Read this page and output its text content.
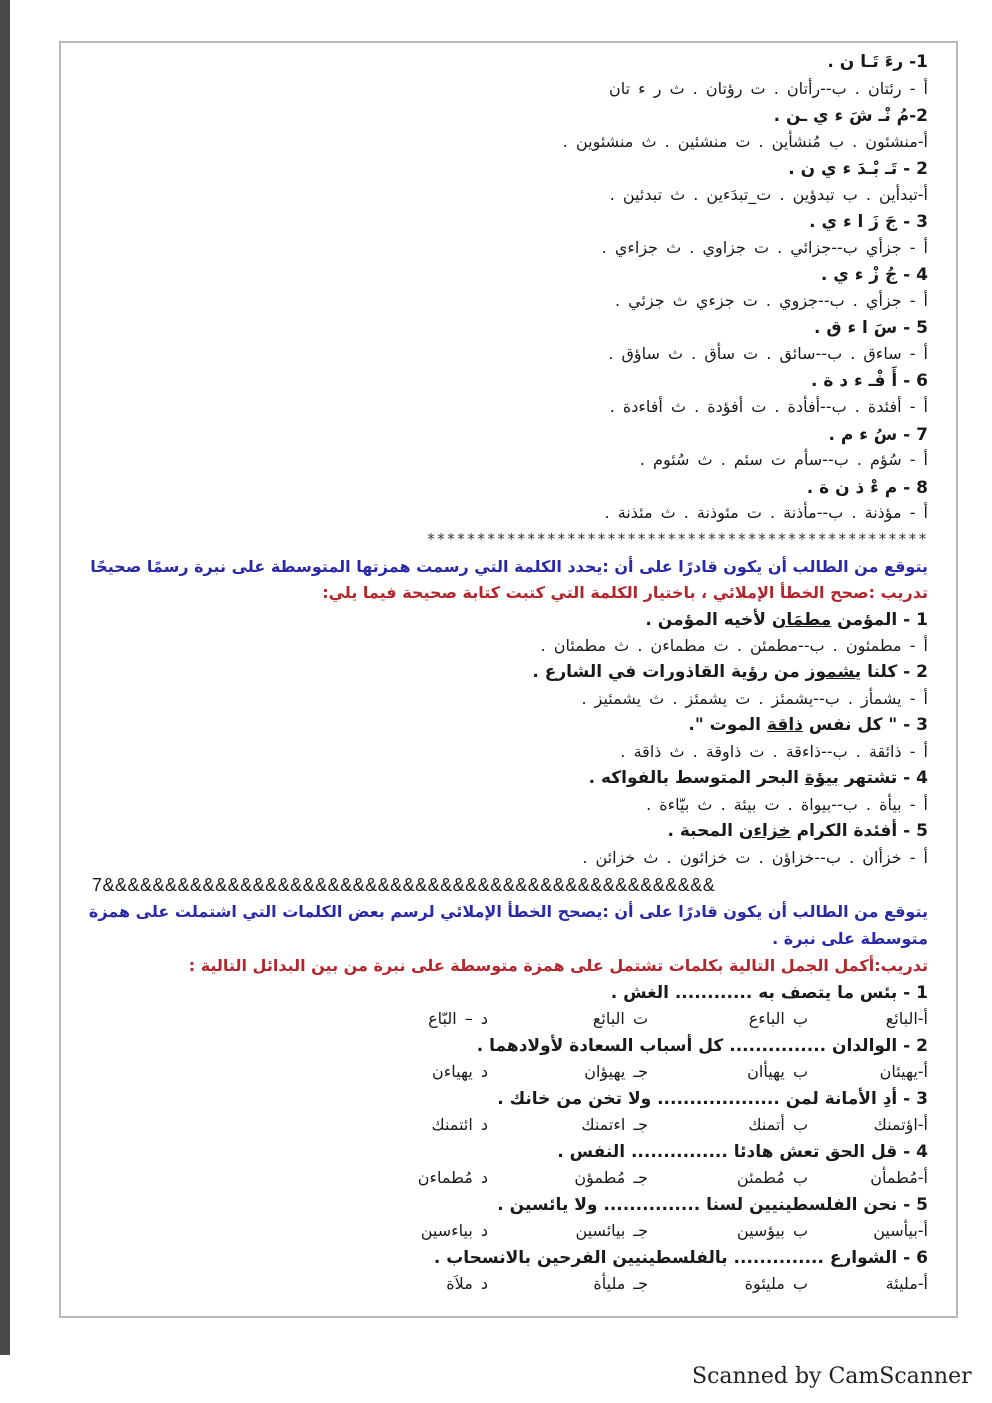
1- رءَ تَـا ن .
أ - رئتان . ب--رأتان . ت رؤتان . ث ر ء تان
2-مُ نْـ شَ ء ي ـن .
أ-منشئون . ب مُنشأين . ت منشئين . ث منشئوين .
2 - تَـ بْـدَ ء ي ن .
أ-تبدأين . ب تبدؤين . ت_تبدَءين . ث تبدئين .
3 - جَ زَ ا ء ي .
أ - جزأي ب--جزائي . ت جزاوي . ث جزاءي .
4 - جُ زْ ء ي .
أ - جزأي . ب--جزوي . ت جزءي ث جزئي .
5 - سَ ا ء ق .
أ - ساءق . ب--سائق . ت سأق . ث ساؤق .
6 - أَ فْـ ء د ة .
أ - أفئدة . ب--أفأدة . ت أفؤدة . ث أفاءدة .
7 - سُ ء م .
أ - سُؤم . ب--سأم ت سئم . ث سُئوم .
8 - م ءْ ذ ن ة .
أ - مؤذنة . ب--مأذنة . ت مئوذنة . ث مئذنة .
**************************************************
يتوقع من الطالب أن يكون قادرًا على أن :يحدد الكلمة التي رسمت همزتها المتوسطة على نبرة رسمًا صحيحًا
تدريب :صحح الخطأ الإملائي ، باختيار الكلمة التي كتبت كتابة صحيحة فيما يلي:
1 - المؤمن مطمَان لأخيه المؤمن .
أ - مطمئون . ب--مطمئن . ت مطماءن . ث مطمئان .
2 - كلنا يشموز من رؤية القاذورات في الشارع .
أ - يشمأز . ب--يشمئز . ت يشمئز . ث يشمئيز .
3 - " كل نفس ذاقة الموت ".
أ - ذائقة . ب--ذاءقة . ت ذاوقة . ث ذاقة .
4 - تشتهر بيؤة البحر المتوسط بالفواكه .
أ - بيأة . ب--بيواة . ت بيئة . ث بيّاءة .
5 - أفئدة الكرام خزاءن المحبة .
أ - خزأان . ب--خزاؤن . ت خزائون . ث خزائن .
7&&&&&&&&&&&&&&&&&&&&&&&&&&&&&&&&&&&&&&&&&&&&&&&&&
يتوقع من الطالب أن يكون قادرًا على أن :يصحح الخطأ الإملائي لرسم بعض الكلمات التي اشتملت على همزة
متوسطة على نبرة .
تدريب:أكمل الجمل التالية بكلمات تشتمل على همزة متوسطة على نبرة من بين البدائل التالية :
1 - بئس ما يتصف به ............ الغش .
أ-البائع
ب الباءع
ت البائع
د – البّاع
2 - الوالدان ............... كل أسباب السعادة لأولادهما .
أ-يهيئان
ب يهيأان
جـ يهيؤان
د يهياءن
3 - أدِ الأمانة لمن ................... ولا تخن من خانك .
أ-اؤتمنك
ب أتمنك
جـ اءتمنك
د ائتمنك
4 - قل الحق تعش هادئا ............... النفس .
أ-مُطمأن
ب مُطمئن
جـ مُطمؤن
د مُطماءن
5 - نحن الفلسطينيين لسنا ............... ولا يائسين .
أ-بيأسين
ب بيؤسين
جـ بيائسين
د بياءسين
6 - الشوارع .............. بالفلسطينيين الفرحين بالانسحاب .
أ-مليئة
ب مليئوة
جـ مليأة
د ملاَة
Scanned by CamScanner
